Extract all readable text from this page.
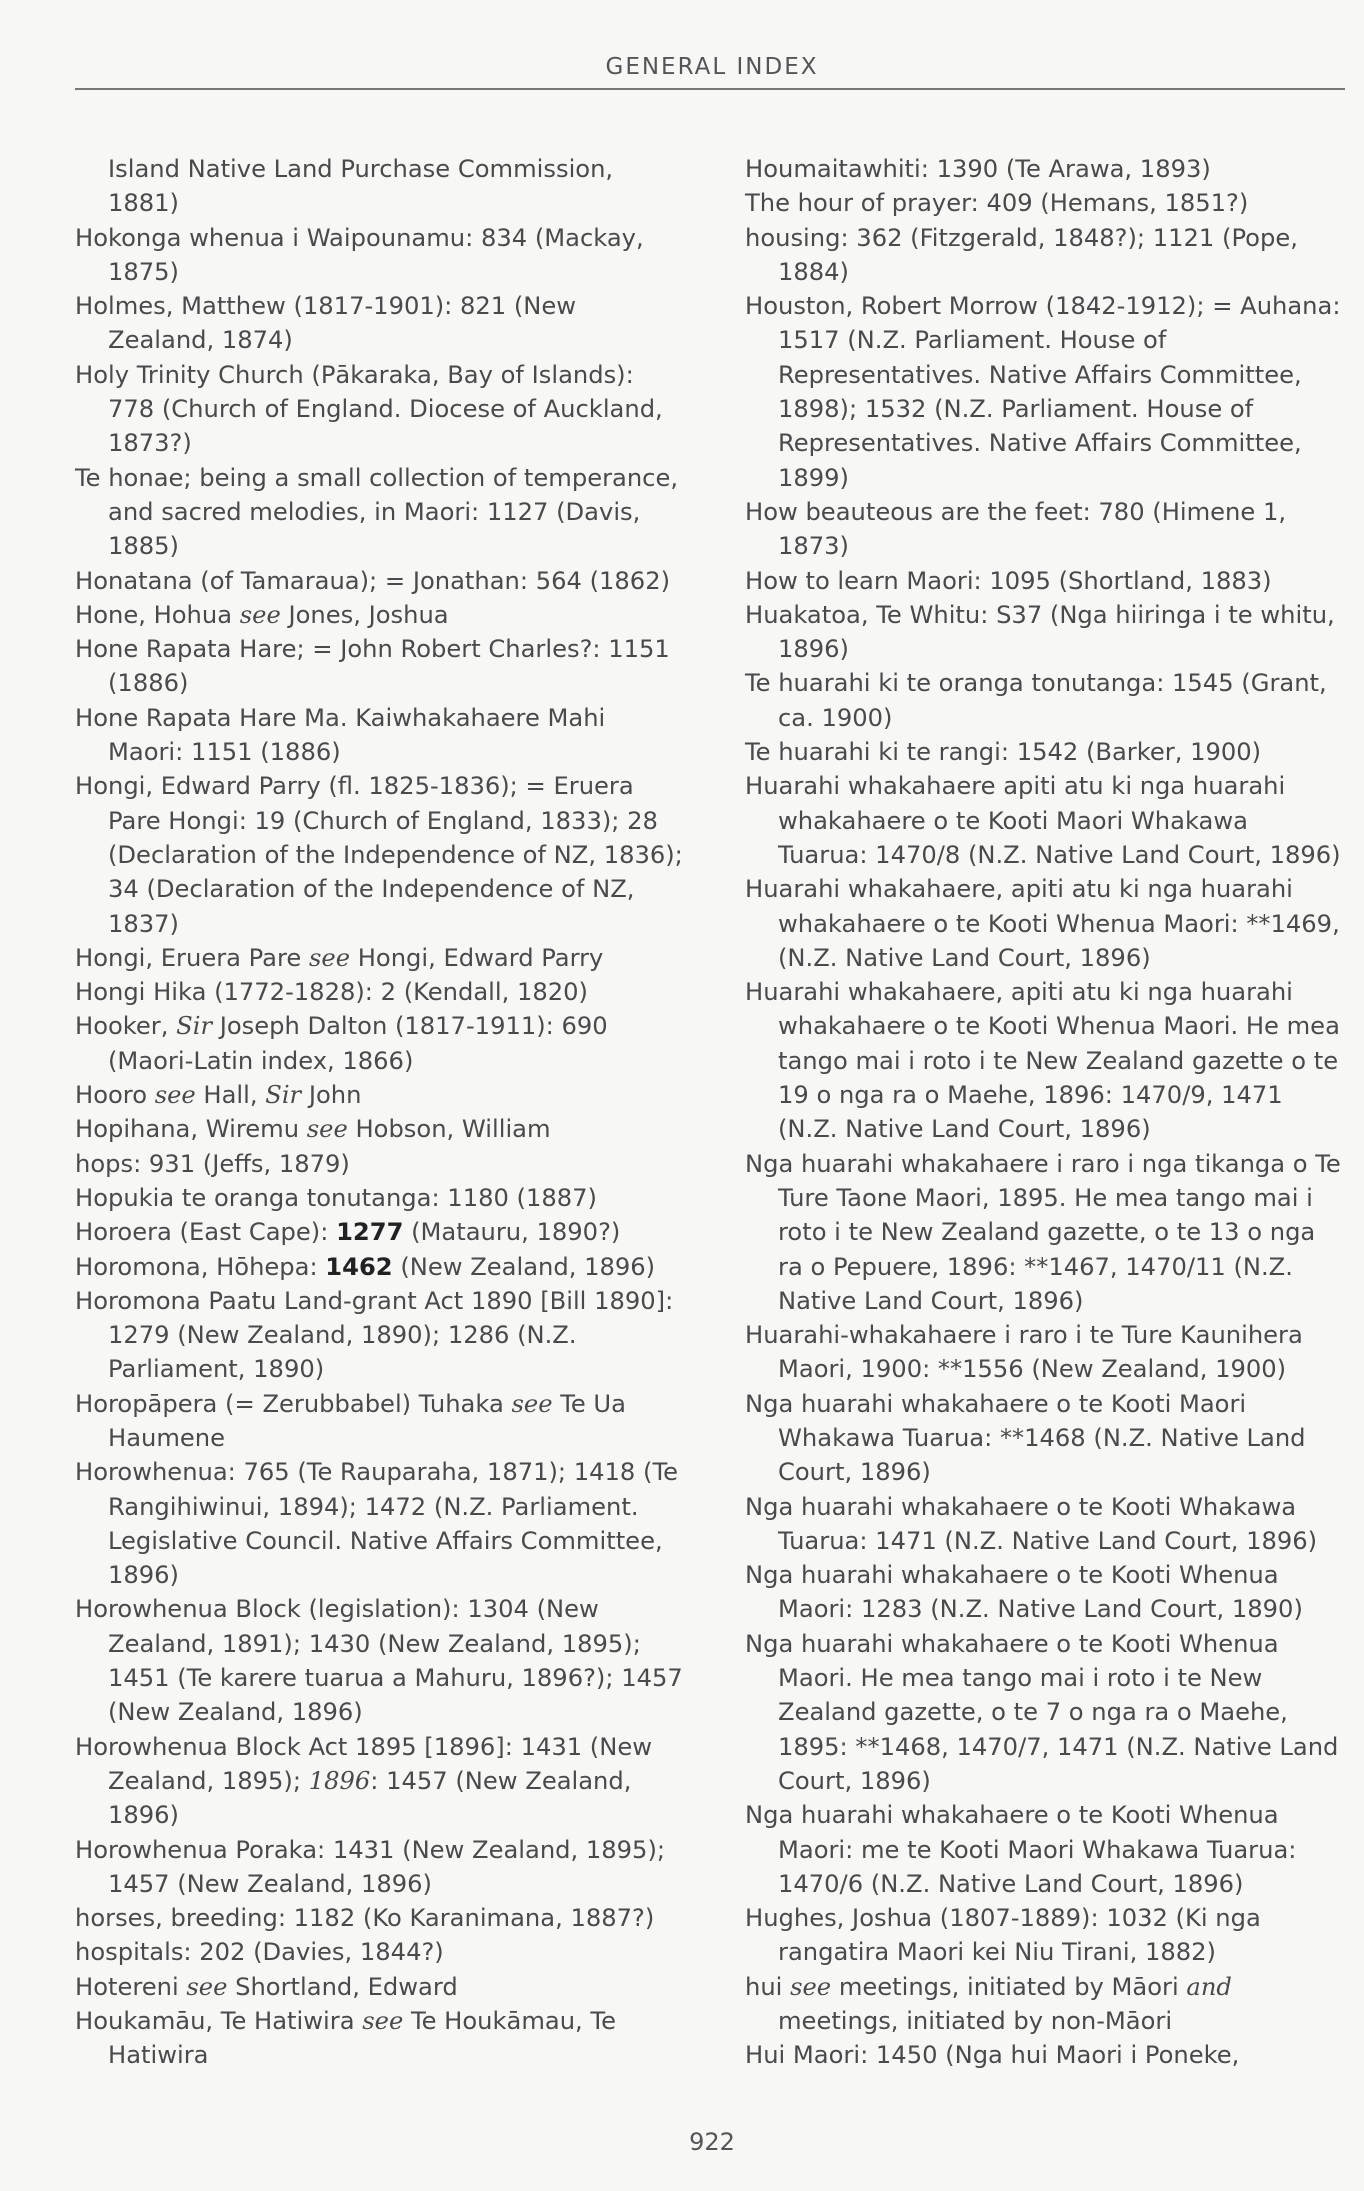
GENERAL INDEX

Island Native Land Purchase Commission, 1881)

Hokonga whenua i Waipounamu: 834 (Mackay, 1875)

Holmes, Matthew (1817-1901): 821 (New Zealand, 1874)

Holy Trinity Church (Pākaraka, Bay of Islands): 778 (Church of England. Diocese of Auckland, 1873?)

Te honae; being a small collection of temperance, and sacred melodies, in Maori: 1127 (Davis, 1885)

Honatana (of Tamaraua); = Jonathan: 564 (1862)

Hone, Hohua see Jones, Joshua

Hone Rapata Hare; = John Robert Charles?: 1151 (1886)

Hone Rapata Hare Ma. Kaiwhakahaere Mahi Maori: 1151 (1886)

Hongi, Edward Parry (fl. 1825-1836); = Eruera Pare Hongi: 19 (Church of England, 1833); 28 (Declaration of the Independence of NZ, 1836); 34 (Declaration of the Independence of NZ, 1837)

Hongi, Eruera Pare see Hongi, Edward Parry

Hongi Hika (1772-1828): 2 (Kendall, 1820)

Hooker, Sir Joseph Dalton (1817-1911): 690 (Maori-Latin index, 1866)

Hooro see Hall, Sir John

Hopihana, Wiremu see Hobson, William

hops: 931 (Jeffs, 1879)

Hopukia te oranga tonutanga: 1180 (1887)

Horoera (East Cape): 1277 (Matauru, 1890?)

Horomona, Hōhepa: 1462 (New Zealand, 1896)

Horomona Paatu Land-grant Act 1890 [Bill 1890]: 1279 (New Zealand, 1890); 1286 (N.Z. Parliament, 1890)

Horopāpera (= Zerubbabel) Tuhaka see Te Ua Haumene

Horowhenua: 765 (Te Rauparaha, 1871); 1418 (Te Rangihiwinui, 1894); 1472 (N.Z. Parliament. Legislative Council. Native Affairs Committee, 1896)

Horowhenua Block (legislation): 1304 (New Zealand, 1891); 1430 (New Zealand, 1895); 1451 (Te karere tuarua a Mahuru, 1896?); 1457 (New Zealand, 1896)

Horowhenua Block Act 1895 [1896]: 1431 (New Zealand, 1895); 1896: 1457 (New Zealand, 1896)

Horowhenua Poraka: 1431 (New Zealand, 1895); 1457 (New Zealand, 1896)

horses, breeding: 1182 (Ko Karanimana, 1887?)

hospitals: 202 (Davies, 1844?)

Hotereni see Shortland, Edward

Houkamāu, Te Hatiwira see Te Houkāmau, Te Hatiwira

Houmaitawhiti: 1390 (Te Arawa, 1893)

The hour of prayer: 409 (Hemans, 1851?)

housing: 362 (Fitzgerald, 1848?); 1121 (Pope, 1884)

Houston, Robert Morrow (1842-1912); = Auhana: 1517 (N.Z. Parliament. House of Representatives. Native Affairs Committee, 1898); 1532 (N.Z. Parliament. House of Representatives. Native Affairs Committee, 1899)

How beauteous are the feet: 780 (Himene 1, 1873)

How to learn Maori: 1095 (Shortland, 1883)

Huakatoa, Te Whitu: S37 (Nga hiiringa i te whitu, 1896)

Te huarahi ki te oranga tonutanga: 1545 (Grant, ca. 1900)

Te huarahi ki te rangi: 1542 (Barker, 1900)

Huarahi whakahaere apiti atu ki nga huarahi whakahaere o te Kooti Maori Whakawa Tuarua: 1470/8 (N.Z. Native Land Court, 1896)

Huarahi whakahaere, apiti atu ki nga huarahi whakahaere o te Kooti Whenua Maori: **1469, (N.Z. Native Land Court, 1896)

Huarahi whakahaere, apiti atu ki nga huarahi whakahaere o te Kooti Whenua Maori. He mea tango mai i roto i te New Zealand gazette o te 19 o nga ra o Maehe, 1896: 1470/9, 1471 (N.Z. Native Land Court, 1896)

Nga huarahi whakahaere i raro i nga tikanga o Te Ture Taone Maori, 1895. He mea tango mai i roto i te New Zealand gazette, o te 13 o nga ra o Pepuere, 1896: **1467, 1470/11 (N.Z. Native Land Court, 1896)

Huarahi-whakahaere i raro i te Ture Kaunihera Maori, 1900: **1556 (New Zealand, 1900)

Nga huarahi whakahaere o te Kooti Maori Whakawa Tuarua: **1468 (N.Z. Native Land Court, 1896)

Nga huarahi whakahaere o te Kooti Whakawa Tuarua: 1471 (N.Z. Native Land Court, 1896)

Nga huarahi whakahaere o te Kooti Whenua Maori: 1283 (N.Z. Native Land Court, 1890)

Nga huarahi whakahaere o te Kooti Whenua Maori. He mea tango mai i roto i te New Zealand gazette, o te 7 o nga ra o Maehe, 1895: **1468, 1470/7, 1471 (N.Z. Native Land Court, 1896)

Nga huarahi whakahaere o te Kooti Whenua Maori: me te Kooti Maori Whakawa Tuarua: 1470/6 (N.Z. Native Land Court, 1896)

Hughes, Joshua (1807-1889): 1032 (Ki nga rangatira Maori kei Niu Tirani, 1882)

hui see meetings, initiated by Māori and meetings, initiated by non-Māori

Hui Maori: 1450 (Nga hui Maori i Poneke,

922
